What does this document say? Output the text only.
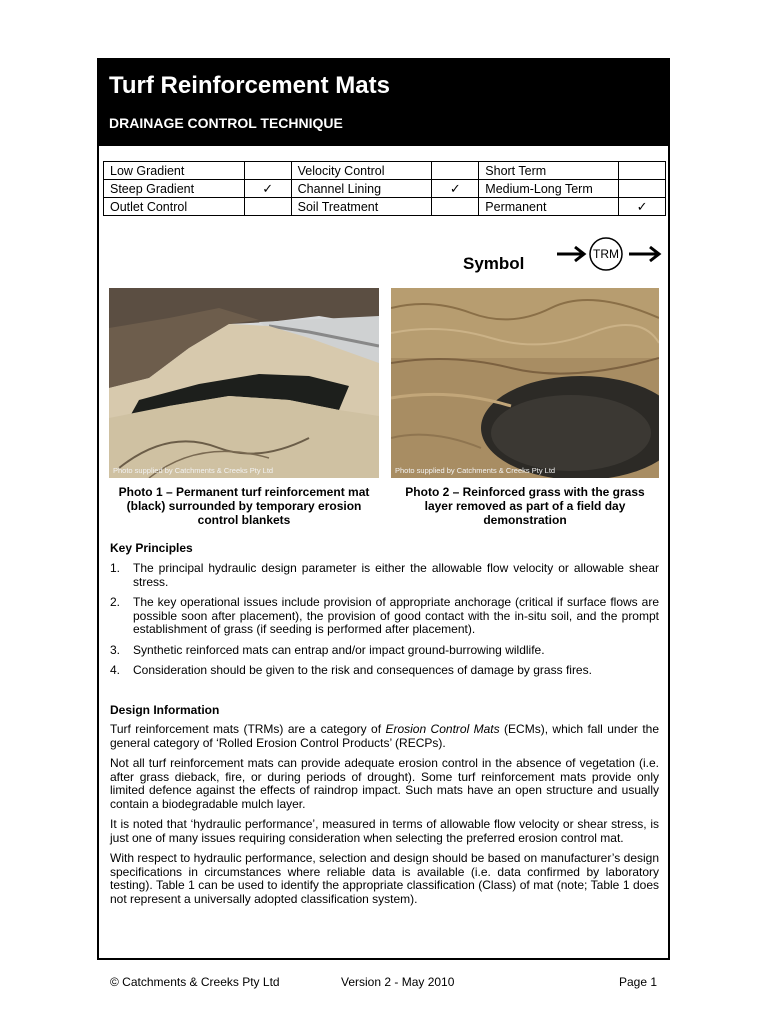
Turf Reinforcement Mats
DRAINAGE CONTROL TECHNIQUE
Low Gradient		Velocity Control		Short Term	
Steep Gradient	✓	Channel Lining	✓	Medium-Long Term	
Outlet Control		Soil Treatment		Permanent	✓
Symbol	TRM
Photo supplied by Catchments & Creeks Pty Ltd	Photo supplied by Catchments & Creeks Pty Ltd
Photo 1 – Permanent turf reinforcement mat (black) surrounded by temporary erosion control blankets
Photo 2 – Reinforced grass with the grass layer removed as part of a field day demonstration
Key Principles
1. The principal hydraulic design parameter is either the allowable flow velocity or allowable shear stress.
2. The key operational issues include provision of appropriate anchorage (critical if surface flows are possible soon after placement), the provision of good contact with the in-situ soil, and the prompt establishment of grass (if seeding is performed after placement).
3. Synthetic reinforced mats can entrap and/or impact ground-burrowing wildlife.
4. Consideration should be given to the risk and consequences of damage by grass fires.
Design Information

Turf reinforcement mats (TRMs) are a category of Erosion Control Mats (ECMs), which fall under the general category of ‘Rolled Erosion Control Products’ (RECPs).

Not all turf reinforcement mats can provide adequate erosion control in the absence of vegetation (i.e. after grass dieback, fire, or during periods of drought). Some turf reinforcement mats provide only limited defence against the effects of raindrop impact. Such mats have an open structure and usually contain a biodegradable mulch layer.

It is noted that ‘hydraulic performance’, measured in terms of allowable flow velocity or shear stress, is just one of many issues requiring consideration when selecting the preferred erosion control mat.

With respect to hydraulic performance, selection and design should be based on manufacturer’s design specifications in circumstances where reliable data is available (i.e. data confirmed by laboratory testing). Table 1 can be used to identify the appropriate classification (Class) of mat (note; Table 1 does not represent a universally adopted classification system).

© Catchments & Creeks Pty Ltd	Version 2 - May 2010	Page 1
